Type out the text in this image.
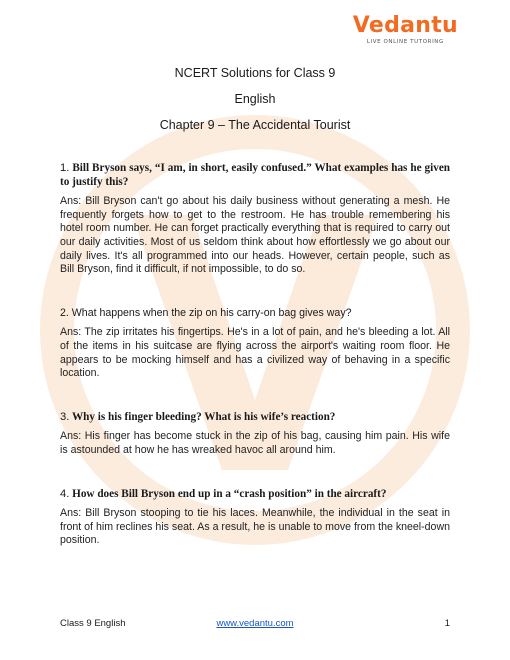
Vedantu
LIVE ONLINE TUTORING
NCERT Solutions for Class 9
English
Chapter 9 – The Accidental Tourist

1. Bill Bryson says, “I am, in short, easily confused.” What examples has he given to justify this?

Ans: Bill Bryson can't go about his daily business without generating a mesh. He frequently forgets how to get to the restroom. He has trouble remembering his hotel room number. He can forget practically everything that is required to carry out our daily activities. Most of us seldom think about how effortlessly we go about our daily lives. It's all programmed into our heads. However, certain people, such as Bill Bryson, find it difficult, if not impossible, to do so.

2. What happens when the zip on his carry-on bag gives way?

Ans: The zip irritates his fingertips. He's in a lot of pain, and he's bleeding a lot. All of the items in his suitcase are flying across the airport's waiting room floor. He appears to be mocking himself and has a civilized way of behaving in a specific location.

3. Why is his finger bleeding? What is his wife’s reaction?

Ans: His finger has become stuck in the zip of his bag, causing him pain. His wife is astounded at how he has wreaked havoc all around him.

4. How does Bill Bryson end up in a “crash position” in the aircraft?

Ans: Bill Bryson stooping to tie his laces. Meanwhile, the individual in the seat in front of him reclines his seat. As a result, he is unable to move from the kneel-down position.

Class 9 English	www.vedantu.com	1
